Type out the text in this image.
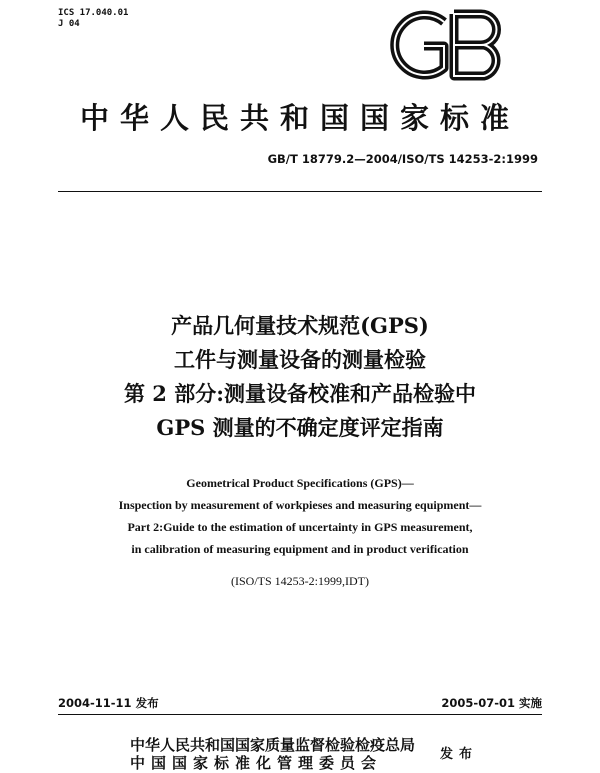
ICS 17.040.01
J 04
中华人民共和国国家标准
GB/T 18779.2—2004/ISO/TS 14253-2:1999
产品几何量技术规范(GPS)
工件与测量设备的测量检验
第 2 部分:测量设备校准和产品检验中
GPS 测量的不确定度评定指南
Geometrical Product Specifications (GPS)—
Inspection by measurement of workpieses and measuring equipment—
Part 2:Guide to the estimation of uncertainty in GPS measurement,
in calibration of measuring equipment and in product verification
(ISO/TS 14253-2:1999,IDT)
2004-11-11 发布	2005-07-01 实施
中华人民共和国国家质量监督检验检疫总局
中国国家标准化管理委员会	发布
